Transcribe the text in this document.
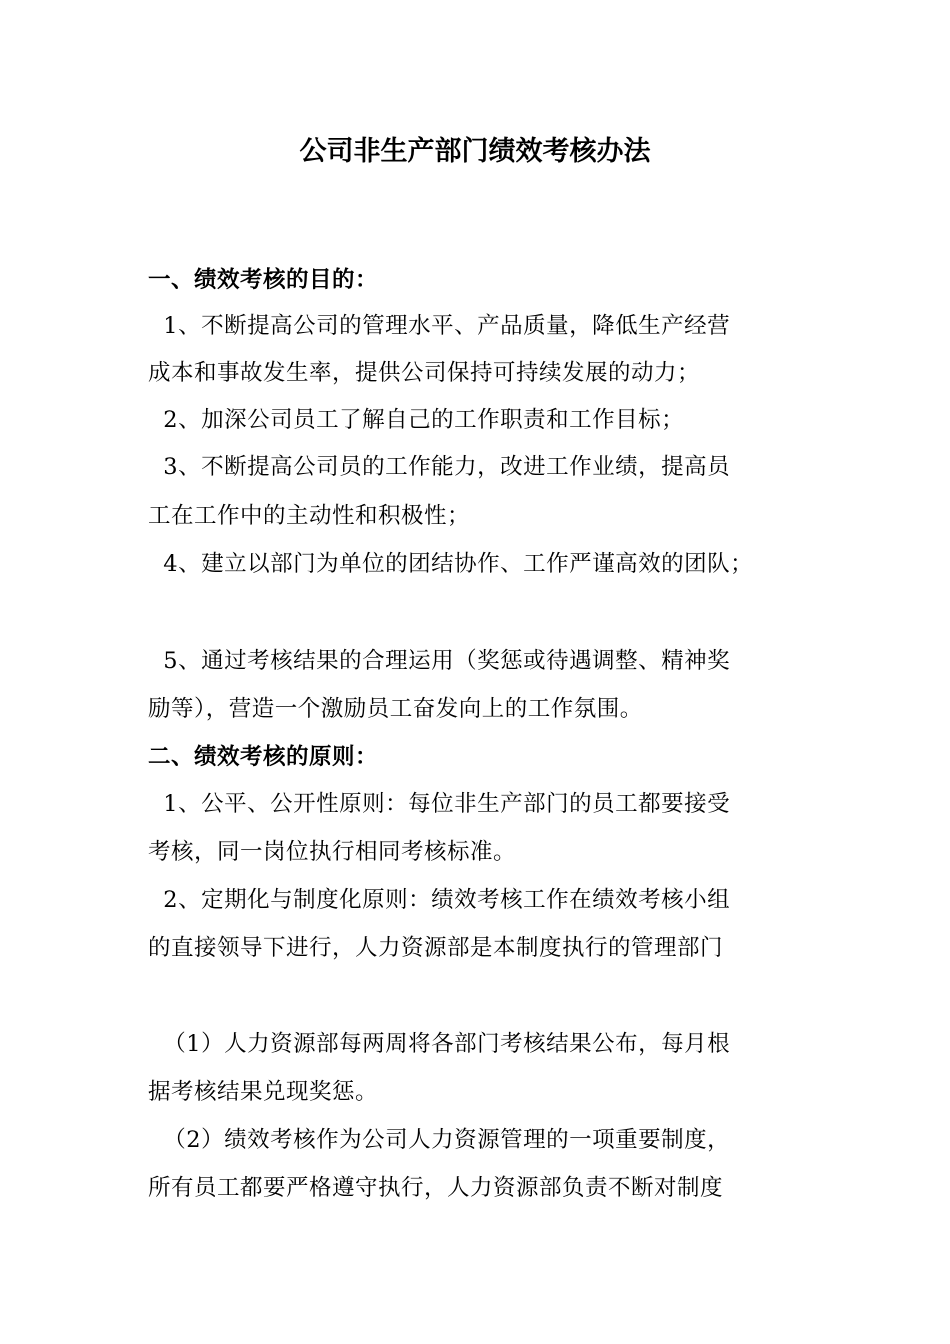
公司非生产部门绩效考核办法
一、绩效考核的目的：
1、不断提高公司的管理水平、产品质量，降低生产经营
成本和事故发生率，提供公司保持可持续发展的动力；
2、加深公司员工了解自己的工作职责和工作目标；
3、不断提高公司员的工作能力，改进工作业绩，提高员
工在工作中的主动性和积极性；
4、建立以部门为单位的团结协作、工作严谨高效的团队；
5、通过考核结果的合理运用（奖惩或待遇调整、精神奖
励等），营造一个激励员工奋发向上的工作氛围。
二、绩效考核的原则：
1、公平、公开性原则：每位非生产部门的员工都要接受
考核，同一岗位执行相同考核标准。
2、定期化与制度化原则：绩效考核工作在绩效考核小组
的直接领导下进行，人力资源部是本制度执行的管理部门
（1）人力资源部每两周将各部门考核结果公布，每月根
据考核结果兑现奖惩。
（2）绩效考核作为公司人力资源管理的一项重要制度，
所有员工都要严格遵守执行，人力资源部负责不断对制度
